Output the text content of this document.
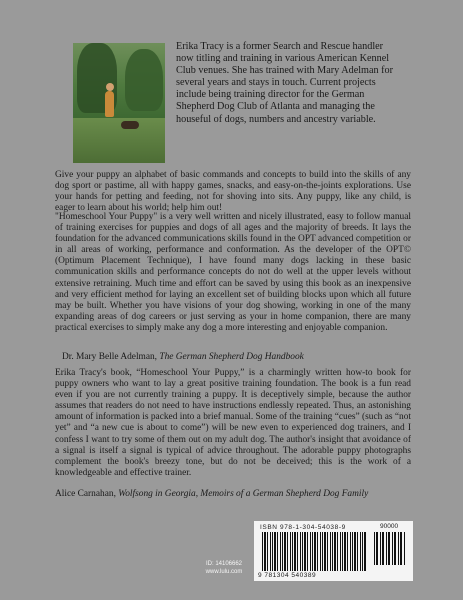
Erika Tracy is a former Search and Rescue handler now titling and training in various American Kennel Club venues. She has trained with Mary Adelman for several years and stays in touch. Current projects include being training director for the German Shepherd Dog Club of Atlanta and managing the houseful of dogs, numbers and ancestry variable.

Give your puppy an alphabet of basic commands and concepts to build into the skills of any dog sport or pastime, all with happy games, snacks, and easy-on-the-joints explorations. Use your hands for petting and feeding, not for shoving into sits. Any puppy, like any child, is eager to learn about his world; help him out!

"Homeschool Your Puppy" is a very well written and nicely illustrated, easy to follow manual of training exercises for puppies and dogs of all ages and the majority of breeds. It lays the foundation for the advanced communications skills found in the OPT advanced competition or in all areas of working, performance and conformation. As the developer of the OPT© (Optimum Placement Technique), I have found many dogs lacking in these basic communication skills and performance concepts do not do well at the upper levels without extensive retraining. Much time and effort can be saved by using this book as an inexpensive and very efficient method for laying an excellent set of building blocks upon which all future may be built. Whether you have visions of your dog showing, working in one of the many expanding areas of dog careers or just serving as your in home companion, there are many practical exercises to simply make any dog a more interesting and enjoyable companion.

Dr. Mary Belle Adelman, The German Shepherd Dog Handbook

Erika Tracy's book, “Homeschool Your Puppy,” is a charmingly written how-to book for puppy owners who want to lay a great positive training foundation. The book is a fun read even if you are not currently training a puppy. It is deceptively simple, because the author assumes that readers do not need to have instructions endlessly repeated. Thus, an astonishing amount of information is packed into a brief manual. Some of the training “cues” (such as “not yet” and “a new cue is about to come”) will be new even to experienced dog trainers, and I confess I want to try some of them out on my adult dog. The author's insight that avoidance of a signal is itself a signal is typical of advice throughout. The adorable puppy photographs complement the book's breezy tone, but do not be deceived; this is the work of a knowledgeable and effective trainer.

Alice Carnahan, Wolfsong in Georgia, Memoirs of a German Shepherd Dog Family

ID: 14106662
www.lulu.com
ISBN 978-1-304-54038-9	90000
9 781304 540389
